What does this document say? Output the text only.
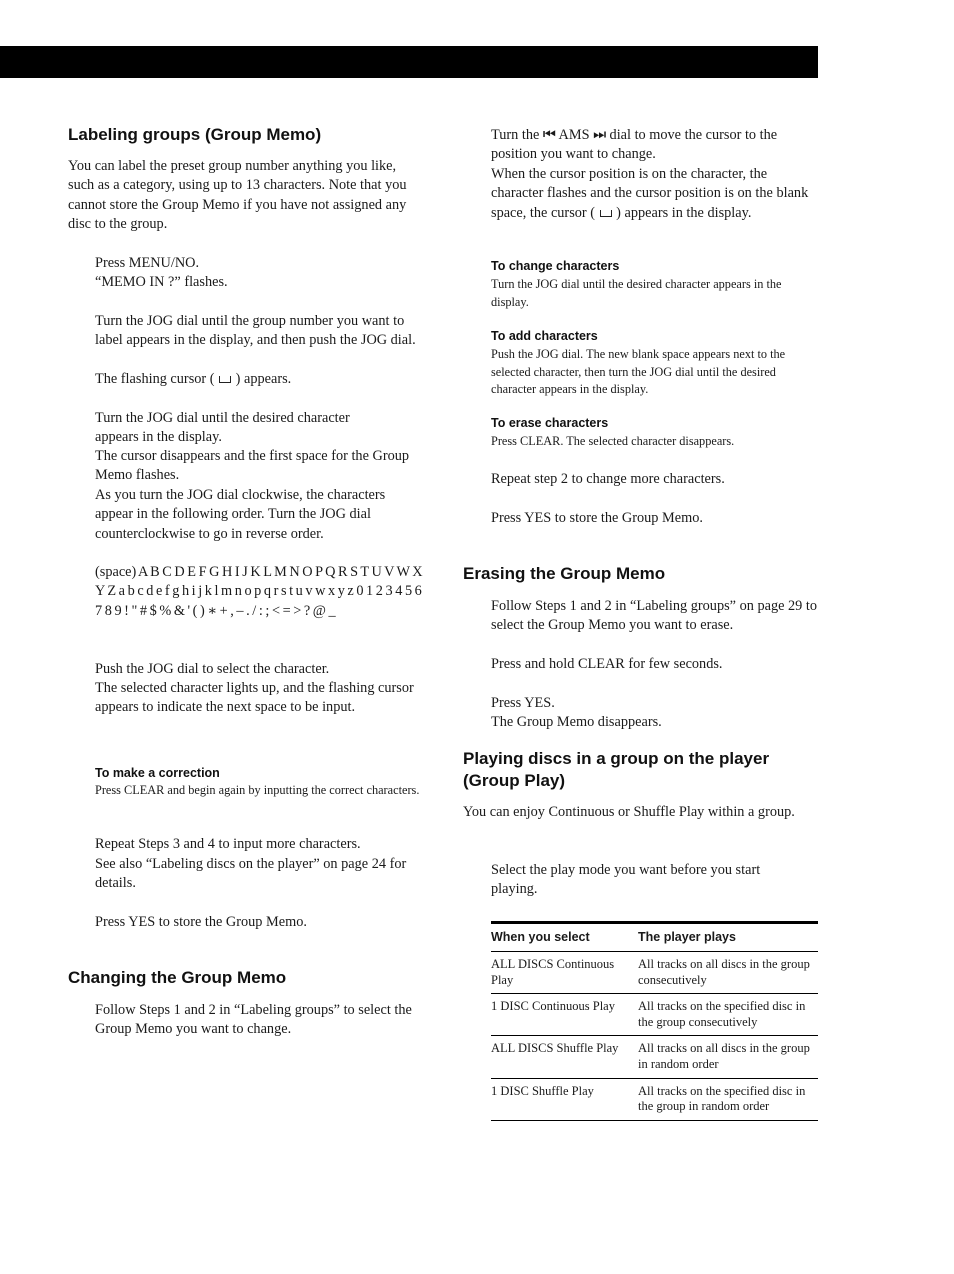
Labeling groups (Group Memo)

You can label the preset group number anything you like, such as a category, using up to 13 characters. Note that you cannot store the Group Memo if you have not assigned any disc to the group.

Press MENU/NO.

“MEMO IN ?” flashes.

Turn the JOG dial until the group number you want to label appears in the display, and then push the JOG dial.

The flashing cursor ( ) appears.

Turn the JOG dial until the desired character appears in the display.

The cursor disappears and the first space for the Group Memo flashes.

As you turn the JOG dial clockwise, the characters appear in the following order. Turn the JOG dial counterclockwise to go in reverse order.

(space) A B C D E F G H I J K L M N O P Q R S T U V W X Y Z a b c d e f g h i j k l m n o p q r s t u v w x y z 0 1 2 3 4 5 6 7 8 9 ! " # $ % & ' ( ) ∗ + , – . / : ; < = > ? @ _

Push the JOG dial to select the character.

The selected character lights up, and the flashing cursor appears to indicate the next space to be input.

To make a correction

Press CLEAR and begin again by inputting the correct characters.

Repeat Steps 3 and 4 to input more characters.

See also “Labeling discs on the player” on page 24 for details.

Press YES to store the Group Memo.

Changing the Group Memo

Follow Steps 1 and 2 in “Labeling groups” to select the Group Memo you want to change.

Turn the ⏮ AMS ⏭ dial to move the cursor to the position you want to change.

When the cursor position is on the character, the character flashes and the cursor position is on the blank space, the cursor ( ) appears in the display.

To change characters

Turn the JOG dial until the desired character appears in the display.

To add characters

Push the JOG dial. The new blank space appears next to the selected character, then turn the JOG dial until the desired character appears in the display.

To erase characters

Press CLEAR. The selected character disappears.

Repeat step 2 to change more characters.

Press YES to store the Group Memo.

Erasing the Group Memo

Follow Steps 1 and 2 in “Labeling groups” on page 29 to select the Group Memo you want to erase.

Press and hold CLEAR for few seconds.

Press YES.

The Group Memo disappears.

Playing discs in a group on the player (Group Play)

You can enjoy Continuous or Shuffle Play within a group.

Select the play mode you want before you start playing.

When you select	The player plays
ALL DISCS Continuous Play	All tracks on all discs in the group consecutively
1 DISC Continuous Play	All tracks on the specified disc in the group consecutively
ALL DISCS Shuffle Play	All tracks on all discs in the group in random order
1 DISC Shuffle Play	All tracks on the specified disc in the group in random order
